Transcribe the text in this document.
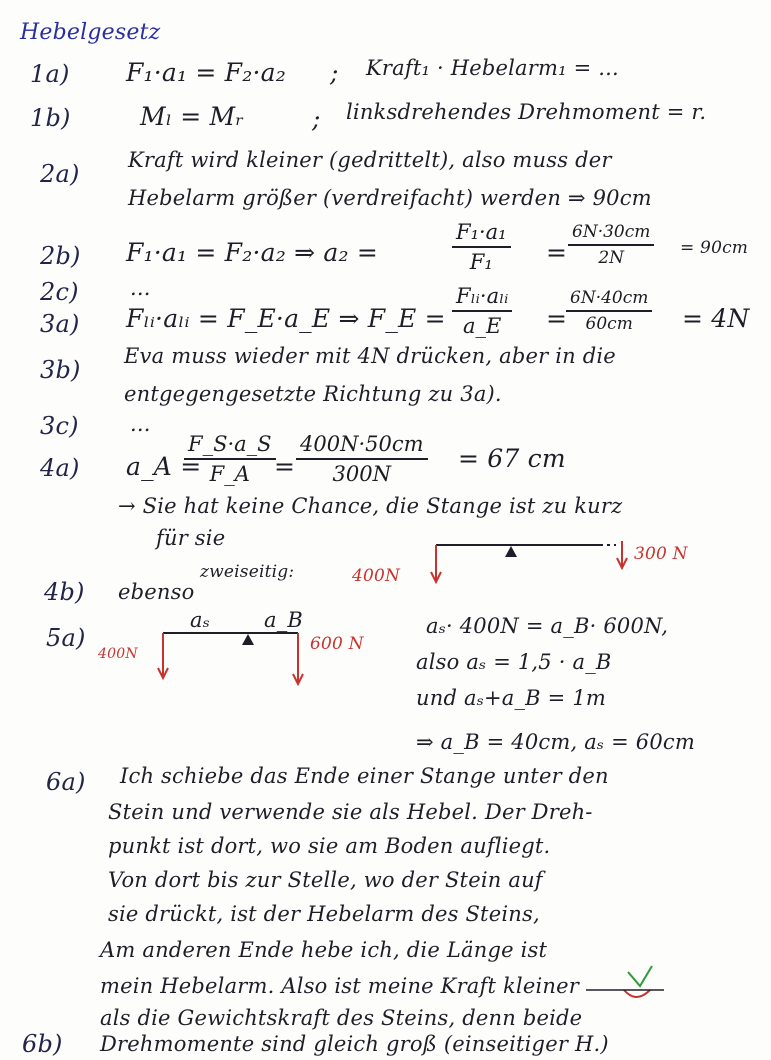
Hebelgesetz
1a) F₁·a₁ = F₂·a₂ ; Kraft₁ · Hebelarm₁ = ...
1b)	Mₗ = Mᵣ	; linksdrehendes Drehmoment = r.
2a) Kraft wird kleiner (gedrittelt), also muss der
Hebelarm größer (verdreifacht) werden ⇒ 90cm
2b) F₁·a₁ = F₂·a₂ ⇒ a₂ =	$\frac{\text{F₁·a₁}}{\text{F₁}} = \frac{6N\cdot 30cm}{2N} = 90cm$
2c) ...
3a) Fₗᵢ·aₗᵢ = F_E·a_E ⇒ F_E =
Fₗᵢ·aₗᵢ
a_E	=
$\frac{6N\cdot 40cm}{60cm} = 4N$
3b) Eva muss wieder mit 4N drücken, aber in die
entgegengesetzte Richtung zu 3a).
3c) ...
4a) a_A =
$\frac{F\_S\cdot a\_S}{F\_A}$
= $\frac{400N\cdot 50cm}{300N} = 67$ cm
→ Sie hat keine Chance, die Stange ist zu kurz
für sie
4b) ebenso
zweiseitig:	400N
300 N
5a)
aₛ	a_B
400N	600 N
aₛ· 400N = a_B· 600N,
also aₛ = 1,5 · a_B
und aₛ+a_B = 1m
⇒ a_B = 40cm, aₛ = 60cm
6a) Ich schiebe das Ende einer Stange unter den
Stein und verwende sie als Hebel. Der Dreh-
punkt ist dort, wo sie am Boden aufliegt.
Von dort bis zur Stelle, wo der Stein auf
sie drückt, ist der Hebelarm des Steins,
Am anderen Ende hebe ich, die Länge ist
mein Hebelarm. Also ist meine Kraft kleiner
als die Gewichtskraft des Steins, denn beide
6b) Drehmomente sind gleich groß (einseitiger H.)
